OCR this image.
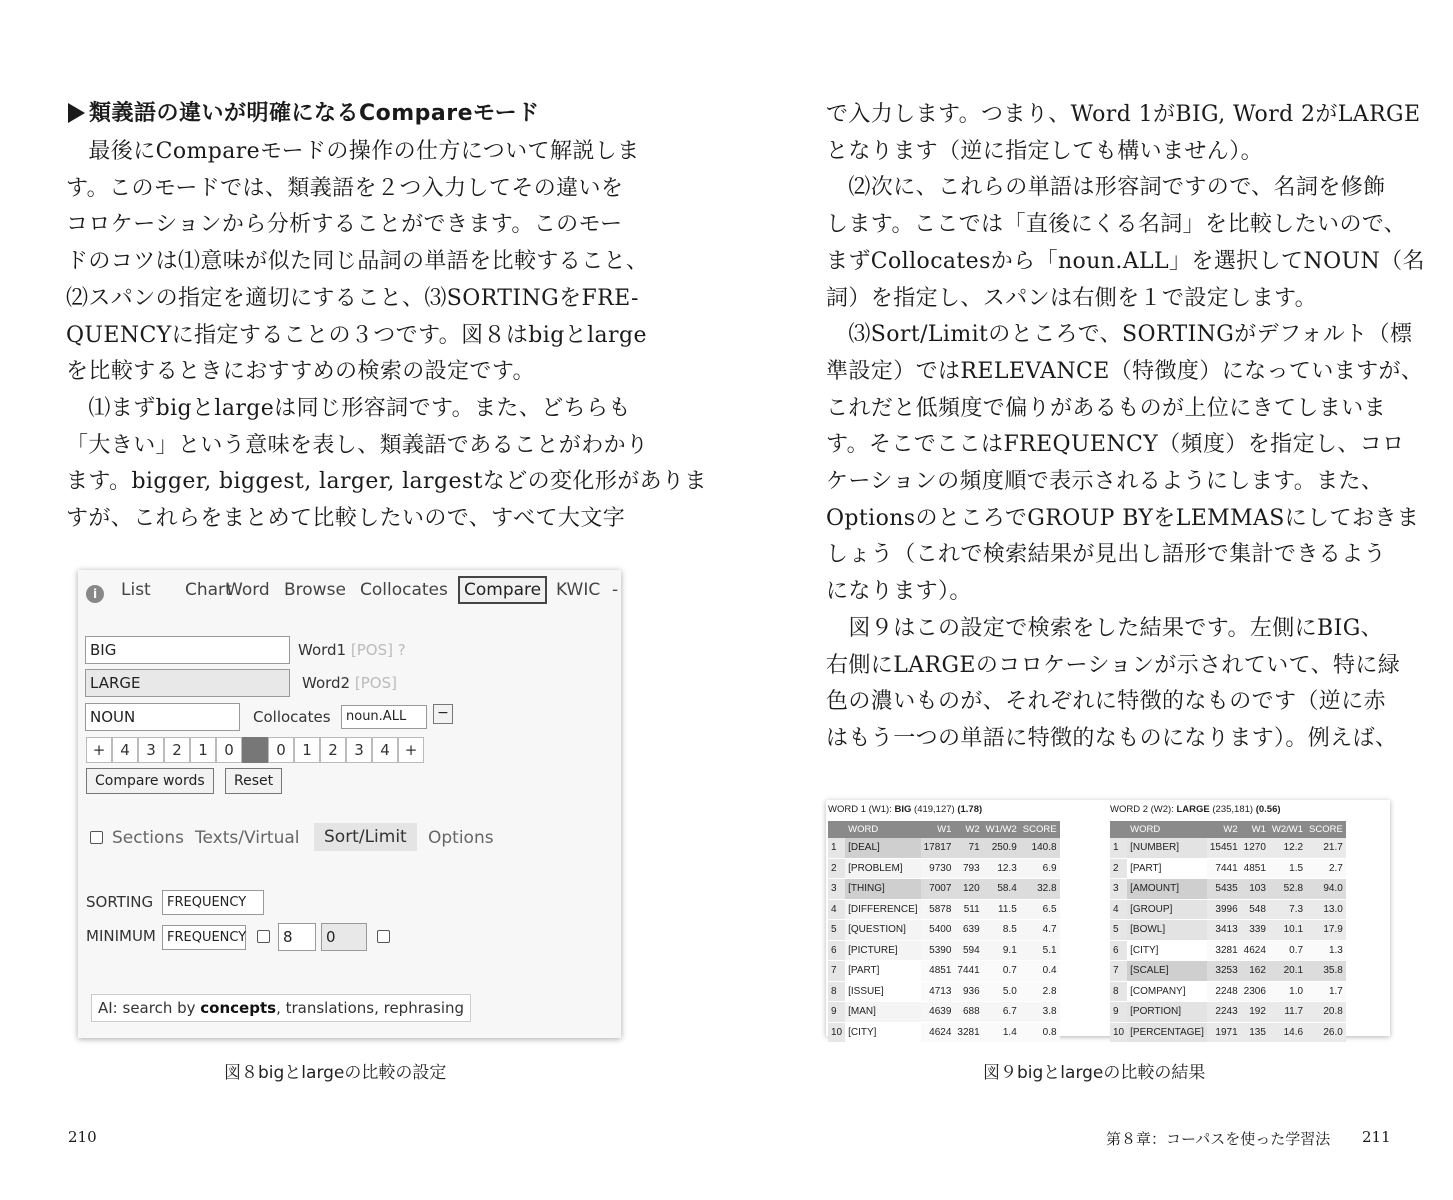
類義語の違いが明確になるCompareモード
　最後にCompareモードの操作の仕方について解説しま
す。このモードでは、類義語を２つ入力してその違いを
コロケーションから分析することができます。このモー
ドのコツは⑴意味が似た同じ品詞の単語を比較すること、
⑵スパンの指定を適切にすること、⑶SORTINGをFRE-
QUENCYに指定することの３つです。図８はbigとlarge
を比較するときにおすすめの検索の設定です。
　⑴まずbigとlargeは同じ形容詞です。また、どちらも
「大きい」という意味を表し、類義語であることがわかり
ます。bigger, biggest, larger, largestなどの変化形がありま
すが、これらをまとめて比較したいので、すべて大文字
i	List Chart
Word Browse Collocates Compare KWIC -
BIG	Word1 [POS] ?
LARGE	Word2 [POS]
NOUN	Collocates	noun.ALL	−
+ 4	3	2	1	0	0	1	2	3	4 +
Compare words	Reset
Sections Texts/Virtual	Sort/Limit	Options
SORTING	FREQUENCY
MINIMUM FREQUENCY	8	0
AI: search by concepts, translations, rephrasing
図８bigとlargeの比較の設定
210
で入力します。つまり、Word 1がBIG, Word 2がLARGE
となります（逆に指定しても構いません）。
　⑵次に、これらの単語は形容詞ですので、名詞を修飾
します。ここでは「直後にくる名詞」を比較したいので、
まずCollocatesから「noun.ALL」を選択してNOUN（名
詞）を指定し、スパンは右側を１で設定します。
　⑶Sort/Limitのところで、SORTINGがデフォルト（標
準設定）ではRELEVANCE（特徴度）になっていますが、
これだと低頻度で偏りがあるものが上位にきてしまいま
す。そこでここはFREQUENCY（頻度）を指定し、コロ
ケーションの頻度順で表示されるようにします。また、
OptionsのところでGROUP BYをLEMMASにしておきま
しょう（これで検索結果が見出し語形で集計できるよう
になります）。
　図９はこの設定で検索をした結果です。左側にBIG、
右側にLARGEのコロケーションが示されていて、特に緑
色の濃いものが、それぞれに特徴的なものです（逆に赤
はもう一つの単語に特徴的なものになります）。例えば、
WORD 1 (W1): BIG (419,127) (1.78)
	WORD	W1	W2	W1/W2	SCORE
1	[DEAL]	17817	71	250.9	140.8
2	[PROBLEM]	9730	793	12.3	6.9
3	[THING]	7007	120	58.4	32.8
4	[DIFFERENCE]	5878	511	11.5	6.5
5	[QUESTION]	5400	639	8.5	4.7
6	[PICTURE]	5390	594	9.1	5.1
7	[PART]	4851	7441	0.7	0.4
8	[ISSUE]	4713	936	5.0	2.8
9	[MAN]	4639	688	6.7	3.8
10	[CITY]	4624	3281	1.4	0.8
WORD 2 (W2): LARGE (235,181) (0.56)
	WORD	W2	W1	W2/W1	SCORE
1	[NUMBER]	15451	1270	12.2	21.7
2	[PART]	7441	4851	1.5	2.7
3	[AMOUNT]	5435	103	52.8	94.0
4	[GROUP]	3996	548	7.3	13.0
5	[BOWL]	3413	339	10.1	17.9
6	[CITY]	3281	4624	0.7	1.3
7	[SCALE]	3253	162	20.1	35.8
8	[COMPANY]	2248	2306	1.0	1.7
9	[PORTION]	2243	192	11.7	20.8
10	[PERCENTAGE]	1971	135	14.6	26.0
図９bigとlargeの比較の結果
第８章：コーパスを使った学習法 211
